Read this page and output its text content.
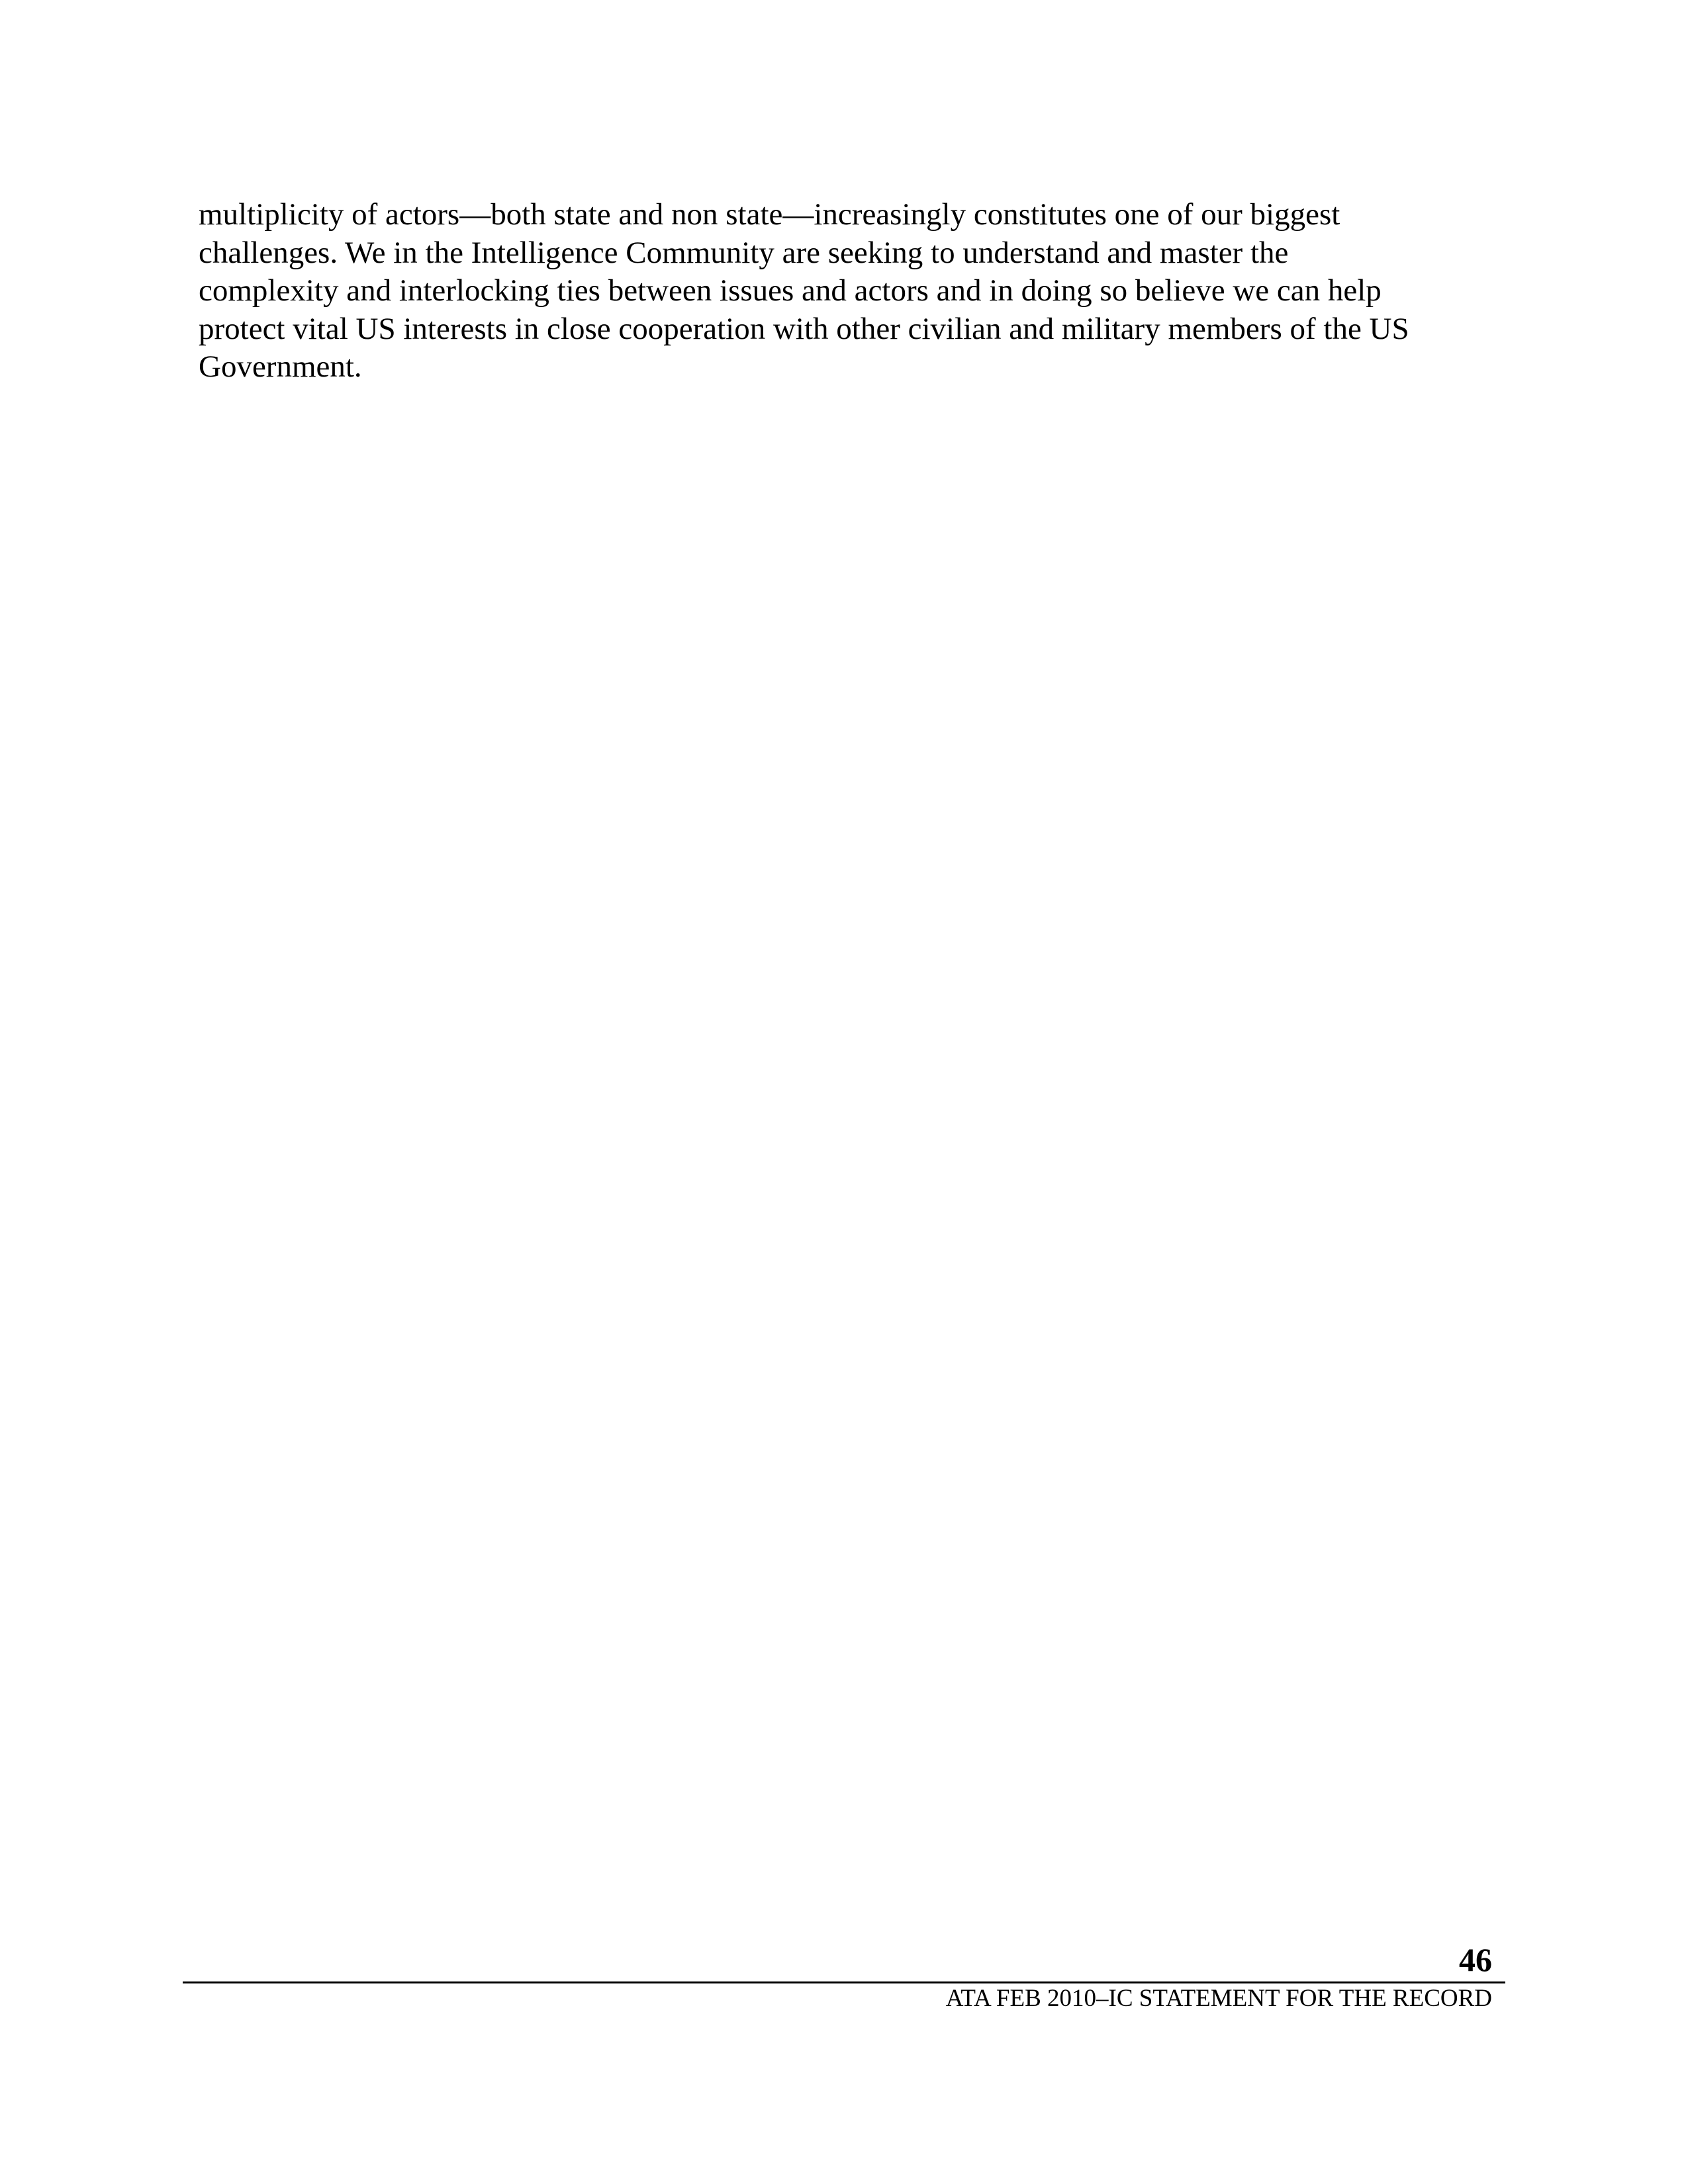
multiplicity of actors—both state and non state—increasingly constitutes one of our biggest
challenges. We in the Intelligence Community are seeking to understand and master the
complexity and interlocking ties between issues and actors and in doing so believe we can help
protect vital US interests in close cooperation with other civilian and military members of the US
Government.

46

ATA FEB 2010–IC STATEMENT FOR THE RECORD
